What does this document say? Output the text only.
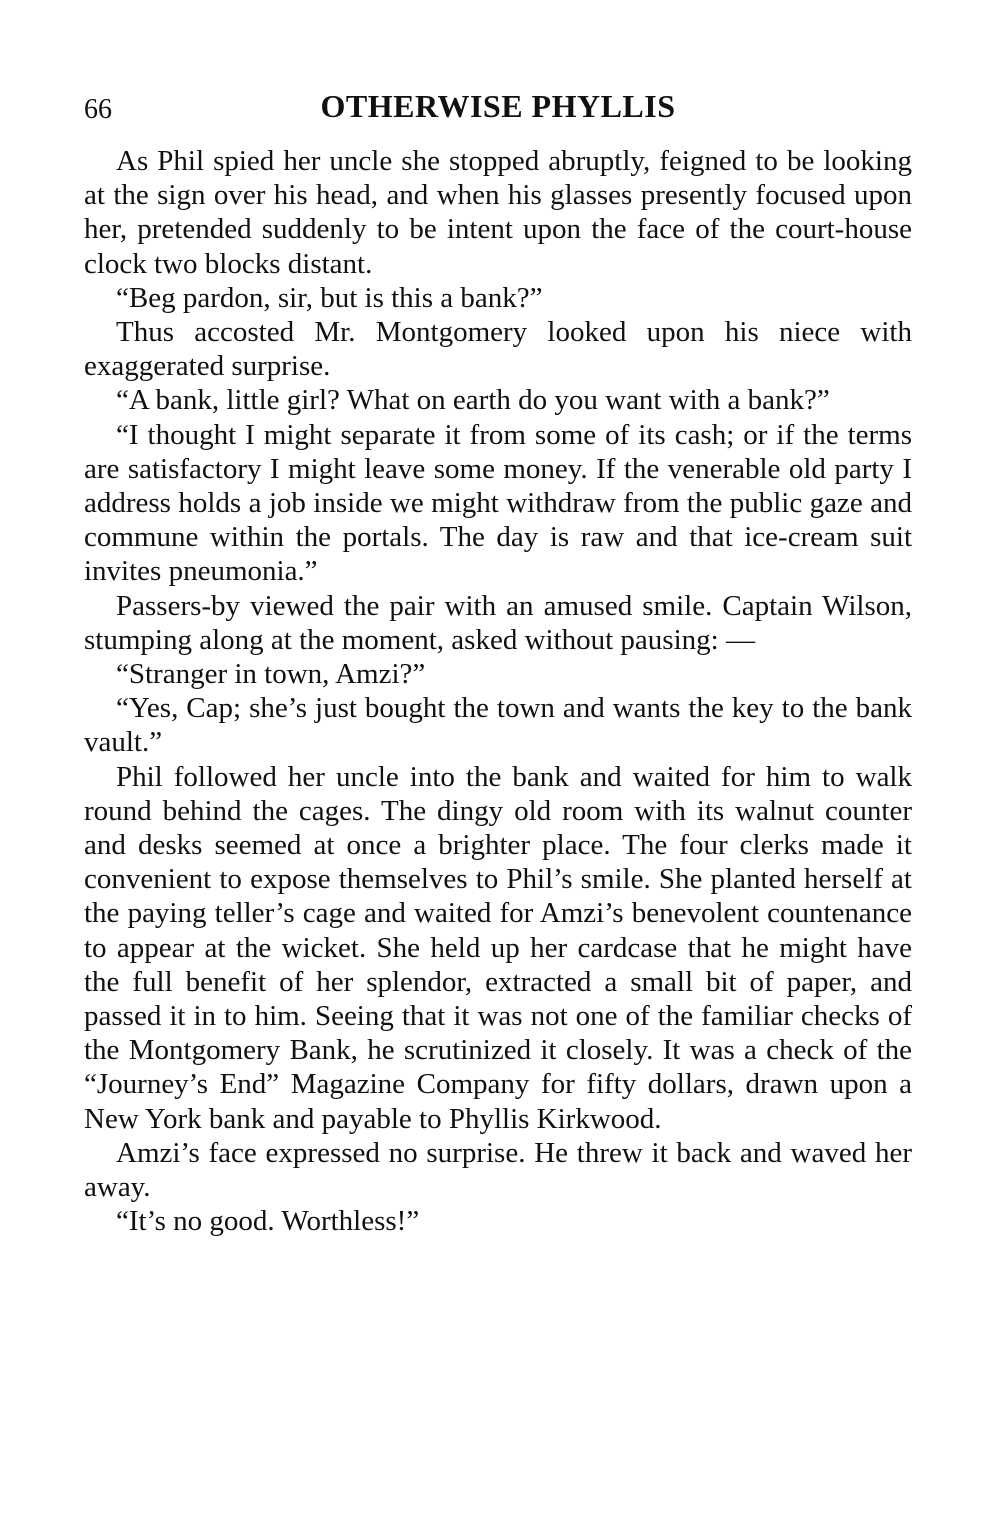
66	OTHERWISE PHYLLIS

As Phil spied her uncle she stopped abruptly, feigned to be looking at the sign over his head, and when his glasses presently focused upon her, pretended suddenly to be intent upon the face of the court-house clock two blocks distant.

“Beg pardon, sir, but is this a bank?”

Thus accosted Mr. Montgomery looked upon his niece with exaggerated surprise.

“A bank, little girl? What on earth do you want with a bank?”

“I thought I might separate it from some of its cash; or if the terms are satisfactory I might leave some money. If the venerable old party I address holds a job inside we might withdraw from the public gaze and commune within the portals. The day is raw and that ice-cream suit invites pneumonia.”

Passers-by viewed the pair with an amused smile. Captain Wilson, stumping along at the moment, asked without pausing: —

“Stranger in town, Amzi?”

“Yes, Cap; she’s just bought the town and wants the key to the bank vault.”

Phil followed her uncle into the bank and waited for him to walk round behind the cages. The dingy old room with its walnut counter and desks seemed at once a brighter place. The four clerks made it convenient to expose themselves to Phil’s smile. She planted herself at the paying teller’s cage and waited for Amzi’s benevolent countenance to appear at the wicket. She held up her cardcase that he might have the full benefit of her splendor, extracted a small bit of paper, and passed it in to him. Seeing that it was not one of the familiar checks of the Montgomery Bank, he scrutinized it closely. It was a check of the “Journey’s End” Magazine Company for fifty dollars, drawn upon a New York bank and payable to Phyllis Kirkwood.

Amzi’s face expressed no surprise. He threw it back and waved her away.

“It’s no good. Worthless!”
